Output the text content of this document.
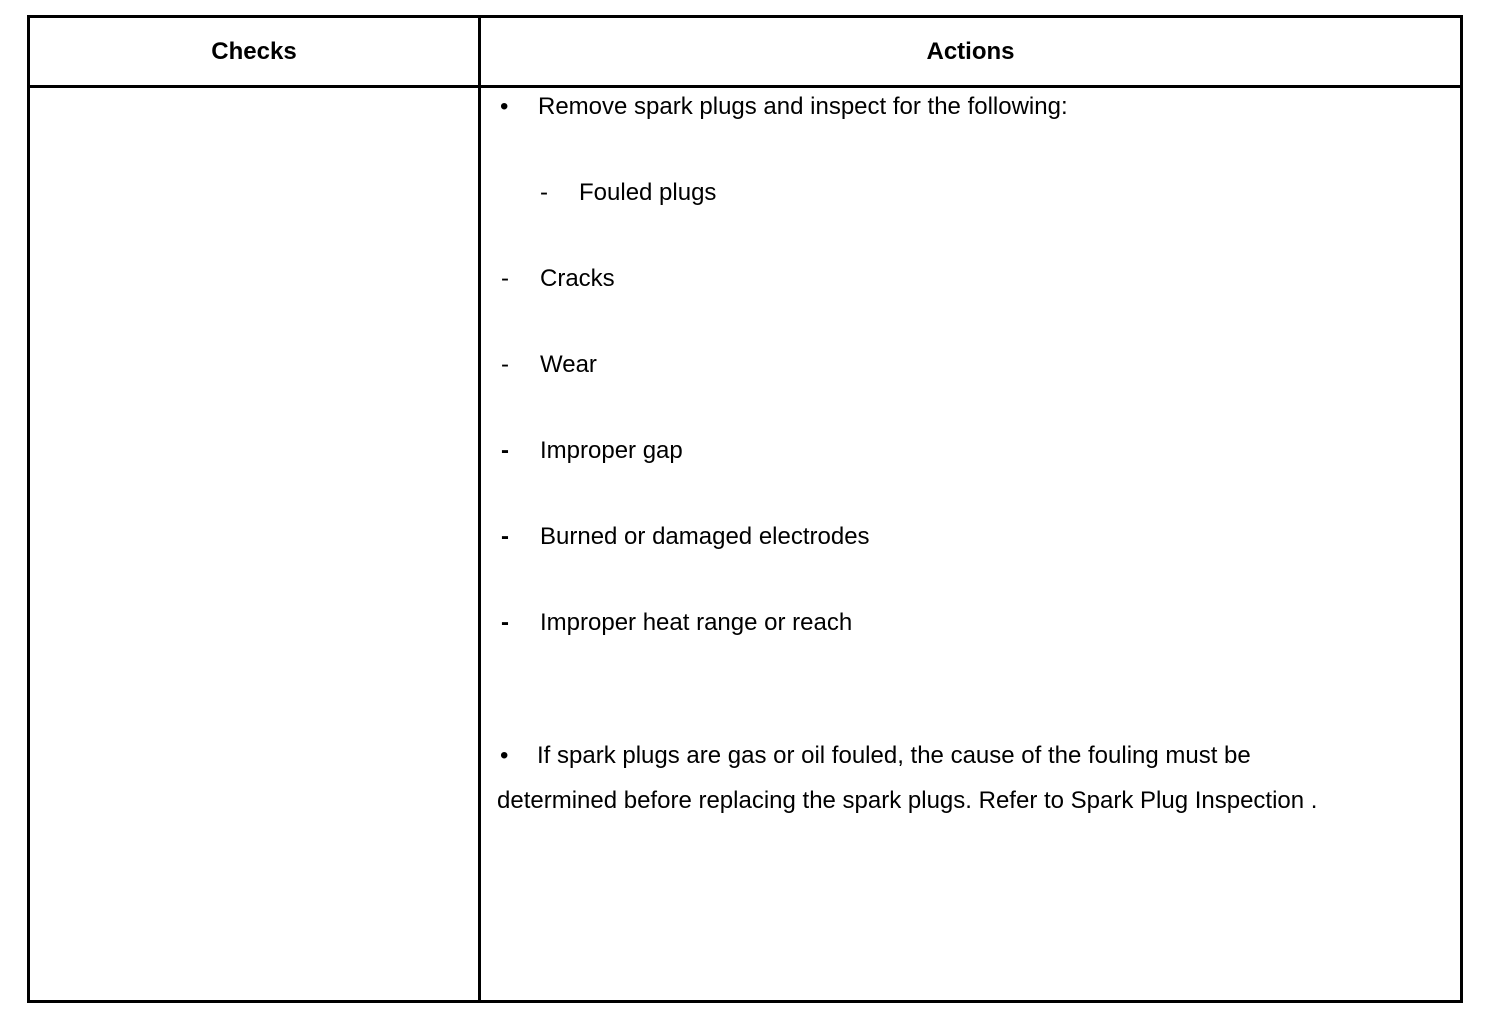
Checks	Actions
• Remove spark plugs and inspect for the following:
- Fouled plugs
- Cracks
- Wear
- Improper gap
- Burned or damaged electrodes
- Improper heat range or reach
• If spark plugs are gas or oil fouled, the cause of the fouling must be determined before replacing the spark plugs. Refer to Spark Plug Inspection .
